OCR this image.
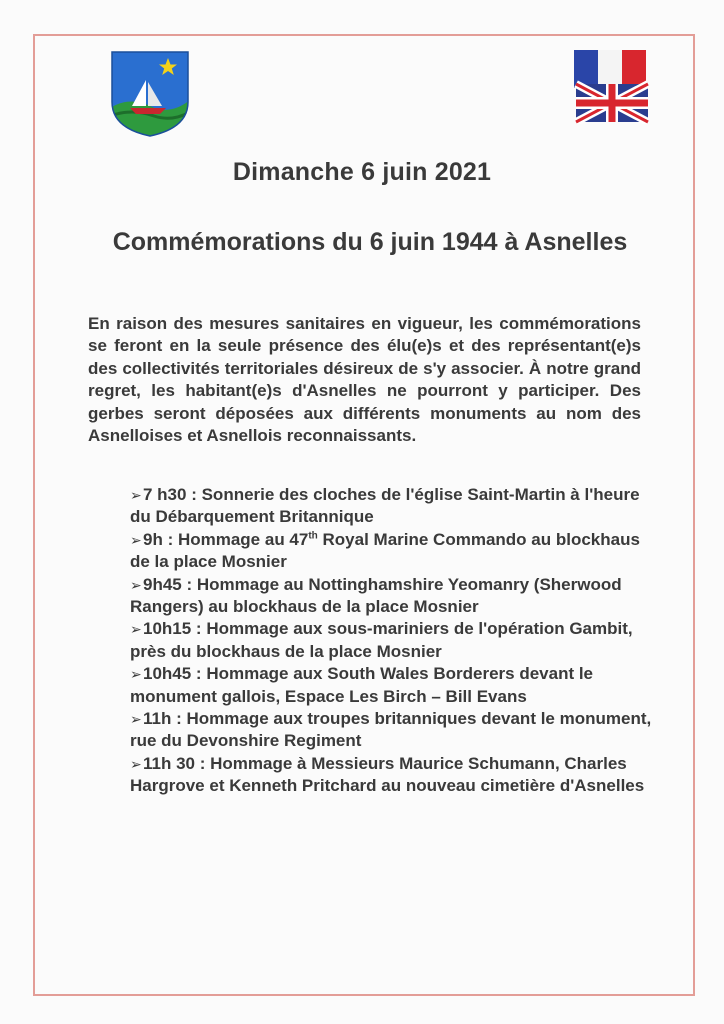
Dimanche 6 juin 2021
Commémorations du 6 juin 1944 à Asnelles
En raison des mesures sanitaires en vigueur, les commémorations se feront en la seule présence des élu(e)s et des représentant(e)s des collectivités territoriales désireux de s'y associer. À notre grand regret, les habitant(e)s d'Asnelles ne pourront y participer. Des gerbes seront déposées aux différents monuments au nom des Asnelloises et Asnellois reconnaissants.
➢7 h30 : Sonnerie des cloches de l'église Saint-Martin à l'heure du Débarquement Britannique
➢9h : Hommage au 47th Royal Marine Commando au blockhaus de la place Mosnier
➢9h45 : Hommage au Nottinghamshire Yeomanry (Sherwood Rangers) au blockhaus de la place Mosnier
➢10h15 : Hommage aux sous-mariniers de l'opération Gambit, près du blockhaus de la place Mosnier
➢10h45 : Hommage aux South Wales Borderers devant le monument gallois, Espace Les Birch – Bill Evans
➢11h : Hommage aux troupes britanniques devant le monument, rue du Devonshire Regiment
➢11h 30 : Hommage à Messieurs Maurice Schumann, Charles Hargrove et Kenneth Pritchard au nouveau cimetière d'Asnelles
